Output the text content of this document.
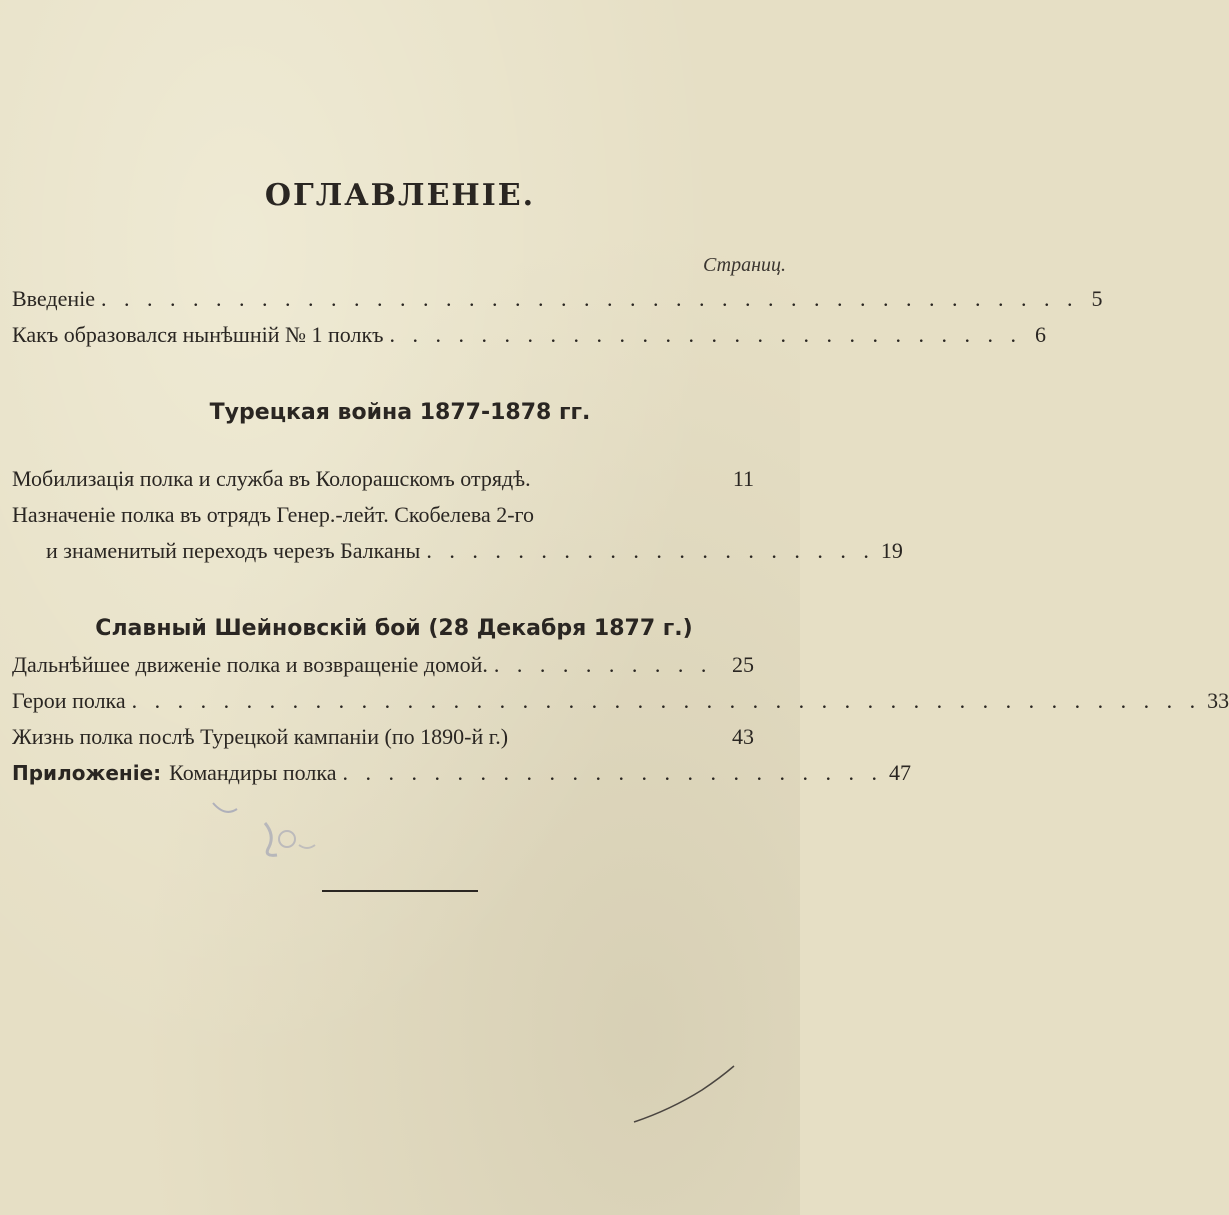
ОГЛАВЛЕНІЕ.
Страниц.
Введеніе . . . . . . . . . . . . . . . . . . . . . . . . . . . . . . . . . . . . . . . . . . . 5
Какъ образовался нынѣшній № 1 полкъ . . . . . . . . . . . . . . . . . . . . . . . . . . . . 6
Турецкая война 1877-1878 гг.
Мобилизація полка и служба въ Колорашскомъ отрядѣ.	11
Назначеніе полка въ отрядъ Генер.-лейт. Скобелева 2-го
и знаменитый переходъ черезъ Балканы . . . . . . . . . . . . . . . . . . . . 19
Славный Шейновскій бой (28 Декабря 1877 г.)
Дальнѣйшее движеніе полка и возвращеніе домой. . . . . . . . . . . 25
Герои полка . . . . . . . . . . . . . . . . . . . . . . . . . . . . . . . . . . . . . . . . . . . . . . . 33
Жизнь полка послѣ Турецкой кампаніи (по 1890-й г.)	43
Приложеніе: Командиры полка . . . . . . . . . . . . . . . . . . . . . . . . 47
